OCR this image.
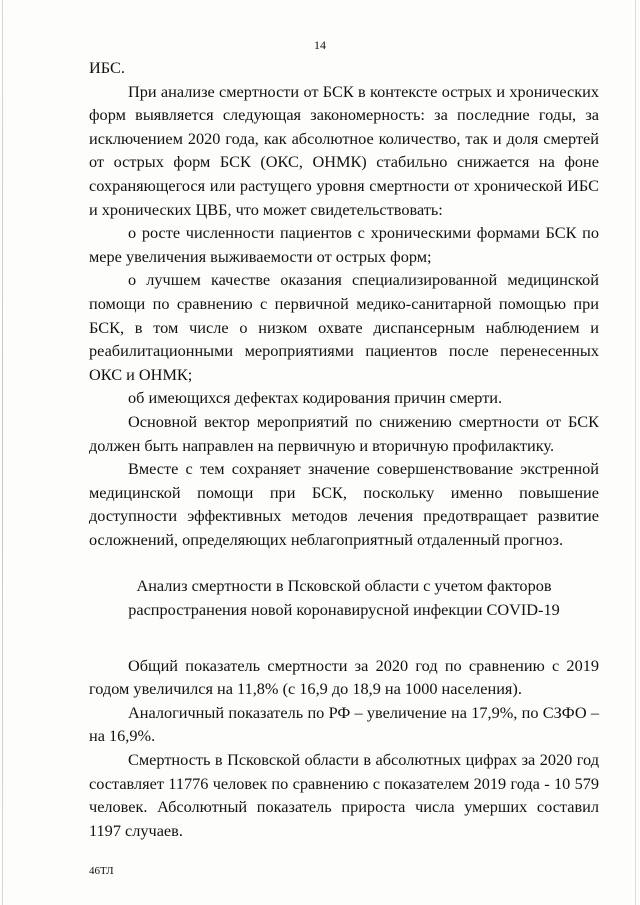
14

ИБС.

При анализе смертности от БСК в контексте острых и хронических форм выявляется следующая закономерность: за последние годы, за исключением 2020 года, как абсолютное количество, так и доля смертей от острых форм БСК (ОКС, ОНМК) стабильно снижается на фоне сохраняющегося или растущего уровня смертности от хронической ИБС и хронических ЦВБ, что может свидетельствовать:

о росте численности пациентов с хроническими формами БСК по мере увеличения выживаемости от острых форм;

о лучшем качестве оказания специализированной медицинской помощи по сравнению с первичной медико-санитарной помощью при БСК, в том числе о низком охвате диспансерным наблюдением и реабилитационными мероприятиями пациентов после перенесенных ОКС и ОНМК;

об имеющихся дефектах кодирования причин смерти.

Основной вектор мероприятий по снижению смертности от БСК должен быть направлен на первичную и вторичную профилактику.

Вместе с тем сохраняет значение совершенствование экстренной медицинской помощи при БСК, поскольку именно повышение доступности эффективных методов лечения предотвращает развитие осложнений, определяющих неблагоприятный отдаленный прогноз.

Анализ смертности в Псковской области с учетом факторов
распространения новой коронавирусной инфекции COVID-19

Общий показатель смертности за 2020 год по сравнению с 2019 годом увеличился на 11,8% (с 16,9 до 18,9 на 1000 населения).

Аналогичный показатель по РФ – увеличение на 17,9%, по СЗФО – на 16,9%.

Смертность в Псковской области в абсолютных цифрах за 2020 год составляет 11776 человек по сравнению с показателем 2019 года - 10 579 человек. Абсолютный показатель прироста числа умерших составил 1197 случаев.

46ТЛ
